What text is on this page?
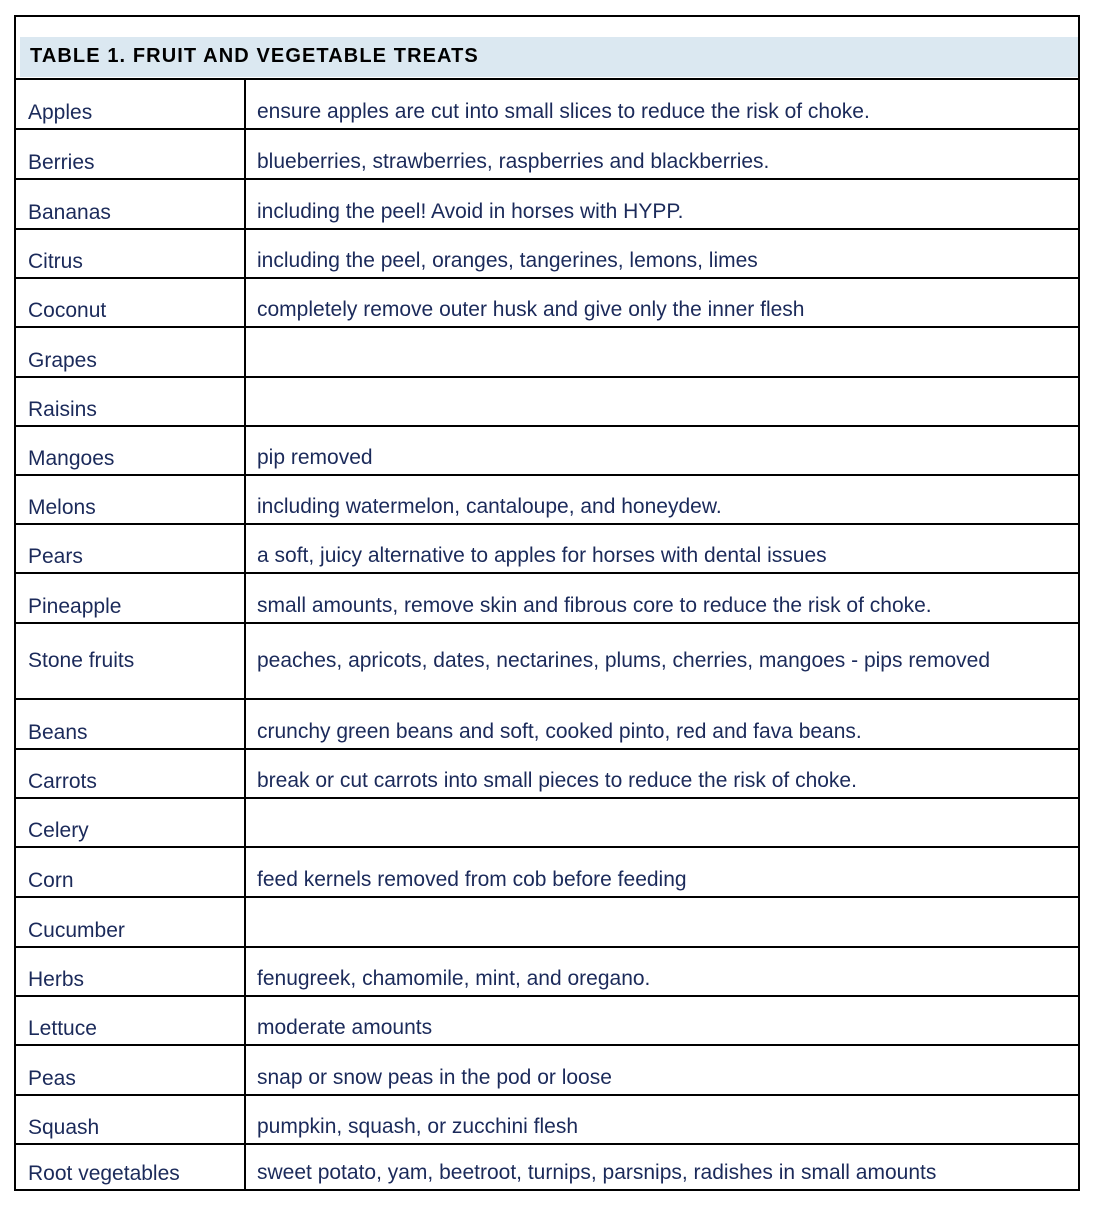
TABLE 1. FRUIT AND VEGETABLE TREATS
Apples	ensure apples are cut into small slices to reduce the risk of choke.
Berries	blueberries, strawberries, raspberries and blackberries.
Bananas	including the peel! Avoid in horses with HYPP.
Citrus	including the peel, oranges, tangerines, lemons, limes
Coconut	completely remove outer husk and give only the inner flesh
Grapes
Raisins
Mangoes	pip removed
Melons	including watermelon, cantaloupe, and honeydew.
Pears	a soft, juicy alternative to apples for horses with dental issues
Pineapple	small amounts, remove skin and fibrous core to reduce the risk of choke.
Stone fruits	peaches, apricots, dates, nectarines, plums, cherries, mangoes - pips removed
Beans	crunchy green beans and soft, cooked pinto, red and fava beans.
Carrots	break or cut carrots into small pieces to reduce the risk of choke.
Celery
Corn	feed kernels removed from cob before feeding
Cucumber
Herbs	fenugreek, chamomile, mint, and oregano.
Lettuce	moderate amounts
Peas	snap or snow peas in the pod or loose
Squash	pumpkin, squash, or zucchini flesh
Root vegetables	sweet potato, yam, beetroot, turnips, parsnips, radishes in small amounts
